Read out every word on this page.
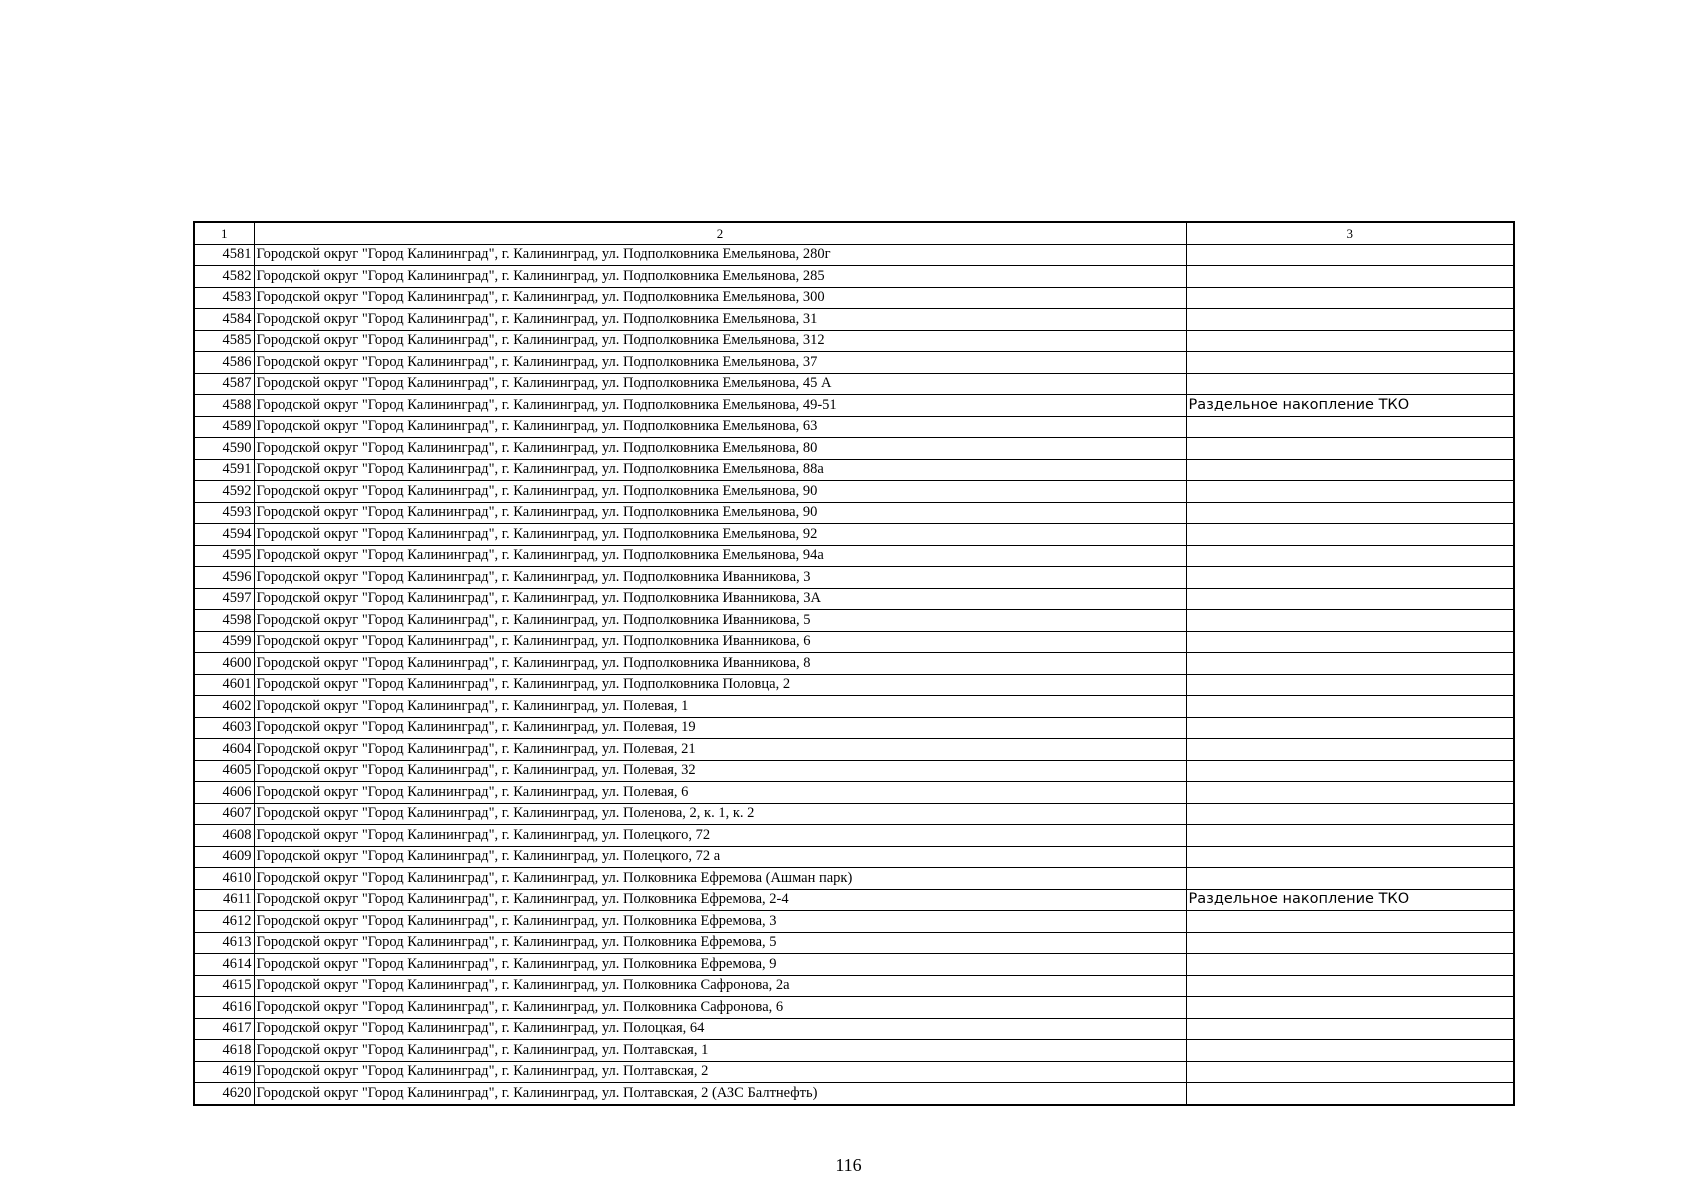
1	2	3
4581	Городской округ "Город Калининград", г. Калининград, ул. Подполковника Емельянова, 280г	
4582	Городской округ "Город Калининград", г. Калининград, ул. Подполковника Емельянова, 285	
4583	Городской округ "Город Калининград", г. Калининград, ул. Подполковника Емельянова, 300	
4584	Городской округ "Город Калининград", г. Калининград, ул. Подполковника Емельянова, 31	
4585	Городской округ "Город Калининград", г. Калининград, ул. Подполковника Емельянова, 312	
4586	Городской округ "Город Калининград", г. Калининград, ул. Подполковника Емельянова, 37	
4587	Городской округ "Город Калининград", г. Калининград, ул. Подполковника Емельянова, 45 А	
4588	Городской округ "Город Калининград", г. Калининград, ул. Подполковника Емельянова, 49-51	Раздельное накопление ТКО
4589	Городской округ "Город Калининград", г. Калининград, ул. Подполковника Емельянова, 63	
4590	Городской округ "Город Калининград", г. Калининград, ул. Подполковника Емельянова, 80	
4591	Городской округ "Город Калининград", г. Калининград, ул. Подполковника Емельянова, 88а	
4592	Городской округ "Город Калининград", г. Калининград, ул. Подполковника Емельянова, 90	
4593	Городской округ "Город Калининград", г. Калининград, ул. Подполковника Емельянова, 90	
4594	Городской округ "Город Калининград", г. Калининград, ул. Подполковника Емельянова, 92	
4595	Городской округ "Город Калининград", г. Калининград, ул. Подполковника Емельянова, 94а	
4596	Городской округ "Город Калининград", г. Калининград, ул. Подполковника Иванникова, 3	
4597	Городской округ "Город Калининград", г. Калининград, ул. Подполковника Иванникова, 3А	
4598	Городской округ "Город Калининград", г. Калининград, ул. Подполковника Иванникова, 5	
4599	Городской округ "Город Калининград", г. Калининград, ул. Подполковника Иванникова, 6	
4600	Городской округ "Город Калининград", г. Калининград, ул. Подполковника Иванникова, 8	
4601	Городской округ "Город Калининград", г. Калининград, ул. Подполковника Половца, 2	
4602	Городской округ "Город Калининград", г. Калининград, ул. Полевая, 1	
4603	Городской округ "Город Калининград", г. Калининград, ул. Полевая, 19	
4604	Городской округ "Город Калининград", г. Калининград, ул. Полевая, 21	
4605	Городской округ "Город Калининград", г. Калининград, ул. Полевая, 32	
4606	Городской округ "Город Калининград", г. Калининград, ул. Полевая, 6	
4607	Городской округ "Город Калининград", г. Калининград, ул. Поленова, 2, к. 1, к. 2	
4608	Городской округ "Город Калининград", г. Калининград, ул. Полецкого, 72	
4609	Городской округ "Город Калининград", г. Калининград, ул. Полецкого, 72 а	
4610	Городской округ "Город Калининград", г. Калининград, ул. Полковника Ефремова (Ашман парк)	
4611	Городской округ "Город Калининград", г. Калининград, ул. Полковника Ефремова, 2-4	Раздельное накопление ТКО
4612	Городской округ "Город Калининград", г. Калининград, ул. Полковника Ефремова, 3	
4613	Городской округ "Город Калининград", г. Калининград, ул. Полковника Ефремова, 5	
4614	Городской округ "Город Калининград", г. Калининград, ул. Полковника Ефремова, 9	
4615	Городской округ "Город Калининград", г. Калининград, ул. Полковника Сафронова, 2а	
4616	Городской округ "Город Калининград", г. Калининград, ул. Полковника Сафронова, 6	
4617	Городской округ "Город Калининград", г. Калининград, ул. Полоцкая, 64	
4618	Городской округ "Город Калининград", г. Калининград, ул. Полтавская, 1	
4619	Городской округ "Город Калининград", г. Калининград, ул. Полтавская, 2	
4620	Городской округ "Город Калининград", г. Калининград, ул. Полтавская, 2 (АЗС Балтнефть)	
116
